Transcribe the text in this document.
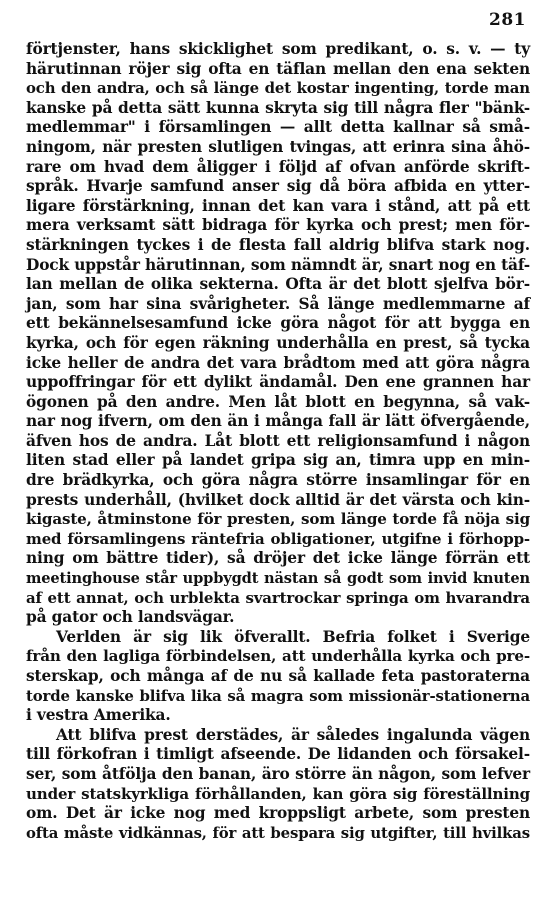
281
förtjenster, hans skicklighet som predikant, o. s. v. — ty
härutinnan röjer sig ofta en täflan mellan den ena sekten
och den andra, och så länge det kostar ingenting, torde man
kanske på detta sätt kunna skryta sig till några fler "bänk-
medlemmar" i församlingen — allt detta kallnar så små-
ningom, när presten slutligen tvingas, att erinra sina åhö-
rare om hvad dem åligger i följd af ofvan anförde skrift-
språk. Hvarje samfund anser sig då böra afbida en ytter-
ligare förstärkning, innan det kan vara i stånd, att på ett
mera verksamt sätt bidraga för kyrka och prest; men för-
stärkningen tyckes i de flesta fall aldrig blifva stark nog.
Dock uppstår härutinnan, som nämndt är, snart nog en täf-
lan mellan de olika sekterna. Ofta är det blott sjelfva bör-
jan, som har sina svårigheter. Så länge medlemmarne af
ett bekännelsesamfund icke göra något för att bygga en
kyrka, och för egen räkning underhålla en prest, så tycka
icke heller de andra det vara brådtom med att göra några
uppoffringar för ett dylikt ändamål. Den ene grannen har
ögonen på den andre. Men låt blott en begynna, så vak-
nar nog ifvern, om den än i många fall är lätt öfvergående,
äfven hos de andra. Låt blott ett religionsamfund i någon
liten stad eller på landet gripa sig an, timra upp en min-
dre brädkyrka, och göra några större insamlingar för en
prests underhåll, (hvilket dock alltid är det värsta och kin-
kigaste, åtminstone för presten, som länge torde få nöja sig
med församlingens räntefria obligationer, utgifne i förhopp-
ning om bättre tider), så dröjer det icke länge förrän ett
meetinghouse står uppbygdt nästan så godt som invid knuten
af ett annat, och urblekta svartrockar springa om hvarandra
på gator och landsvägar.
Verlden är sig lik öfverallt. Befria folket i Sverige
från den lagliga förbindelsen, att underhålla kyrka och pre-
sterskap, och många af de nu så kallade feta pastoraterna
torde kanske blifva lika så magra som missionär-stationerna
i vestra Amerika.
Att blifva prest derstädes, är således ingalunda vägen
till förkofran i timligt afseende. De lidanden och försakel-
ser, som åtfölja den banan, äro större än någon, som lefver
under statskyrkliga förhållanden, kan göra sig föreställning
om. Det är icke nog med kroppsligt arbete, som presten
ofta måste vidkännas, för att bespara sig utgifter, till hvilkas
